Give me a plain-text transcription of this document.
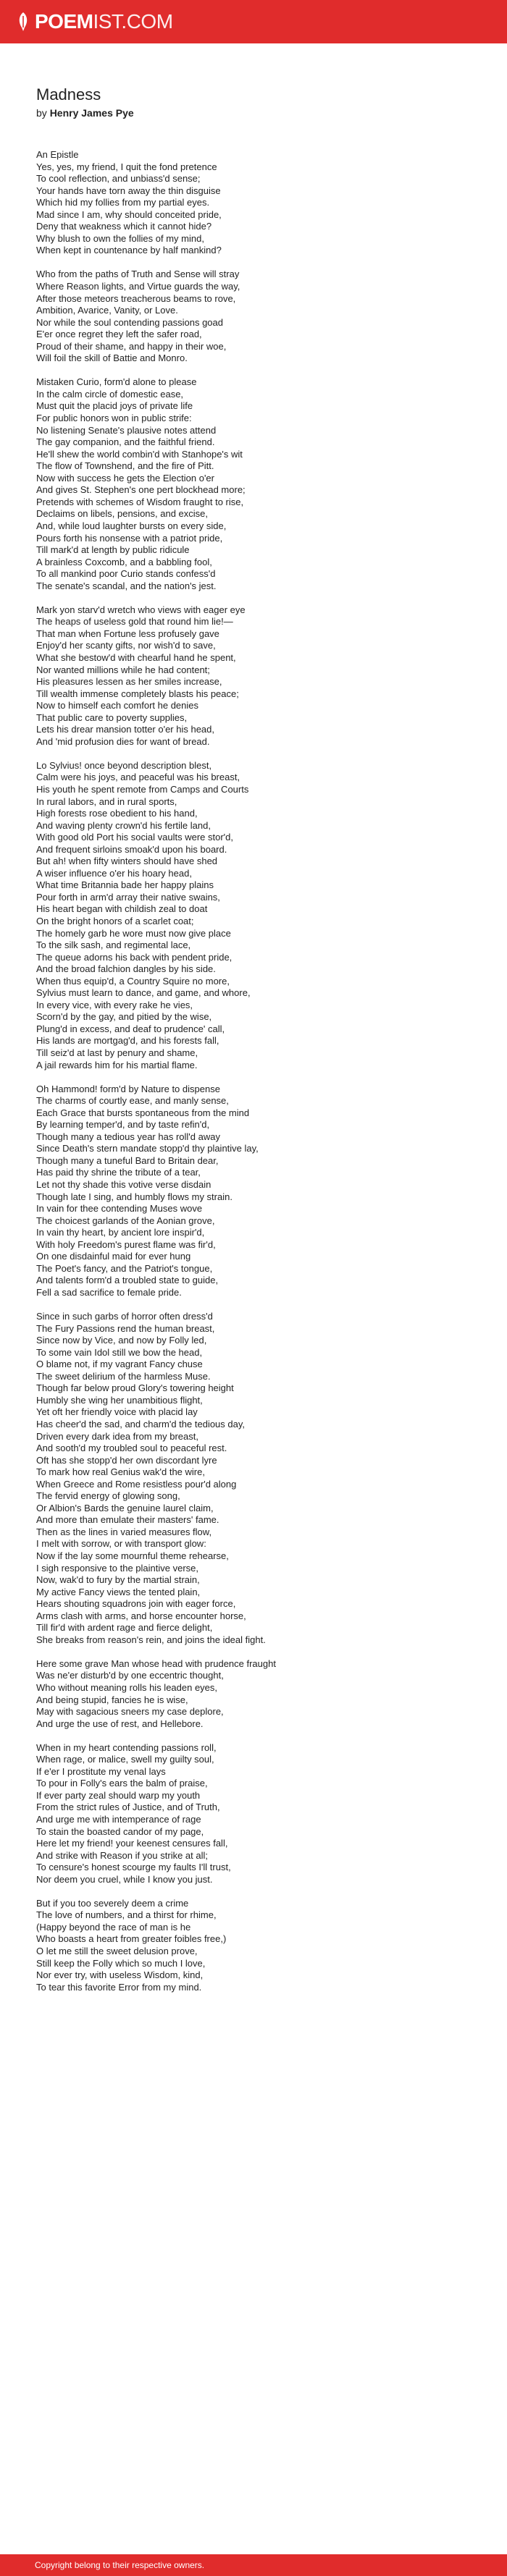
POEMIST.COM
Madness
by Henry James Pye

An Epistle
Yes, yes, my friend, I quit the fond pretence
To cool reflection, and unbiass'd sense;
Your hands have torn away the thin disguise
Which hid my follies from my partial eyes.
Mad since I am, why should conceited pride,
Deny that weakness which it cannot hide?
Why blush to own the follies of my mind,
When kept in countenance by half mankind?

Who from the paths of Truth and Sense will stray
Where Reason lights, and Virtue guards the way,
After those meteors treacherous beams to rove,
Ambition, Avarice, Vanity, or Love.
Nor while the soul contending passions goad
E'er once regret they left the safer road,
Proud of their shame, and happy in their woe,
Will foil the skill of Battie and Monro.

Mistaken Curio, form'd alone to please
In the calm circle of domestic ease,
Must quit the placid joys of private life
For public honors won in public strife:
No listening Senate's plausive notes attend
The gay companion, and the faithful friend.
He'll shew the world combin'd with Stanhope's wit
The flow of Townshend, and the fire of Pitt.
Now with success he gets the Election o'er
And gives St. Stephen's one pert blockhead more;
Pretends with schemes of Wisdom fraught to rise,
Declaims on libels, pensions, and excise,
And, while loud laughter bursts on every side,
Pours forth his nonsense with a patriot pride,
Till mark'd at length by public ridicule
A brainless Coxcomb, and a babbling fool,
To all mankind poor Curio stands confess'd
The senate's scandal, and the nation's jest.

Mark yon starv'd wretch who views with eager eye
The heaps of useless gold that round him lie!—
That man when Fortune less profusely gave
Enjoy'd her scanty gifts, nor wish'd to save,
What she bestow'd with chearful hand he spent,
Nor wanted millions while he had content;
His pleasures lessen as her smiles increase,
Till wealth immense completely blasts his peace;
Now to himself each comfort he denies
That public care to poverty supplies,
Lets his drear mansion totter o'er his head,
And 'mid profusion dies for want of bread.

Lo Sylvius! once beyond description blest,
Calm were his joys, and peaceful was his breast,
His youth he spent remote from Camps and Courts
In rural labors, and in rural sports,
High forests rose obedient to his hand,
And waving plenty crown'd his fertile land,
With good old Port his social vaults were stor'd,
And frequent sirloins smoak'd upon his board.
But ah! when fifty winters should have shed
A wiser influence o'er his hoary head,
What time Britannia bade her happy plains
Pour forth in arm'd array their native swains,
His heart began with childish zeal to doat
On the bright honors of a scarlet coat;
The homely garb he wore must now give place
To the silk sash, and regimental lace,
The queue adorns his back with pendent pride,
And the broad falchion dangles by his side.
When thus equip'd, a Country Squire no more,
Sylvius must learn to dance, and game, and whore,
In every vice, with every rake he vies,
Scorn'd by the gay, and pitied by the wise,
Plung'd in excess, and deaf to prudence' call,
His lands are mortgag'd, and his forests fall,
Till seiz'd at last by penury and shame,
A jail rewards him for his martial flame.

Oh Hammond! form'd by Nature to dispense
The charms of courtly ease, and manly sense,
Each Grace that bursts spontaneous from the mind
By learning temper'd, and by taste refin'd,
Though many a tedious year has roll'd away
Since Death's stern mandate stopp'd thy plaintive lay,
Though many a tuneful Bard to Britain dear,
Has paid thy shrine the tribute of a tear,
Let not thy shade this votive verse disdain
Though late I sing, and humbly flows my strain.
In vain for thee contending Muses wove
The choicest garlands of the Aonian grove,
In vain thy heart, by ancient lore inspir'd,
With holy Freedom's purest flame was fir'd,
On one disdainful maid for ever hung
The Poet's fancy, and the Patriot's tongue,
And talents form'd a troubled state to guide,
Fell a sad sacrifice to female pride.

Since in such garbs of horror often dress'd
The Fury Passions rend the human breast,
Since now by Vice, and now by Folly led,
To some vain Idol still we bow the head,
O blame not, if my vagrant Fancy chuse
The sweet delirium of the harmless Muse.
Though far below proud Glory's towering height
Humbly she wing her unambitious flight,
Yet oft her friendly voice with placid lay
Has cheer'd the sad, and charm'd the tedious day,
Driven every dark idea from my breast,
And sooth'd my troubled soul to peaceful rest.
Oft has she stopp'd her own discordant lyre
To mark how real Genius wak'd the wire,
When Greece and Rome resistless pour'd along
The fervid energy of glowing song,
Or Albion's Bards the genuine laurel claim,
And more than emulate their masters' fame.
Then as the lines in varied measures flow,
I melt with sorrow, or with transport glow:
Now if the lay some mournful theme rehearse,
I sigh responsive to the plaintive verse,
Now, wak'd to fury by the martial strain,
My active Fancy views the tented plain,
Hears shouting squadrons join with eager force,
Arms clash with arms, and horse encounter horse,
Till fir'd with ardent rage and fierce delight,
She breaks from reason's rein, and joins the ideal fight.

Here some grave Man whose head with prudence fraught
Was ne'er disturb'd by one eccentric thought,
Who without meaning rolls his leaden eyes,
And being stupid, fancies he is wise,
May with sagacious sneers my case deplore,
And urge the use of rest, and Hellebore.

When in my heart contending passions roll,
When rage, or malice, swell my guilty soul,
If e'er I prostitute my venal lays
To pour in Folly's ears the balm of praise,
If ever party zeal should warp my youth
From the strict rules of Justice, and of Truth,
And urge me with intemperance of rage
To stain the boasted candor of my page,
Here let my friend! your keenest censures fall,
And strike with Reason if you strike at all;
To censure's honest scourge my faults I'll trust,
Nor deem you cruel, while I know you just.

But if you too severely deem a crime
The love of numbers, and a thirst for rhime,
(Happy beyond the race of man is he
Who boasts a heart from greater foibles free,)
O let me still the sweet delusion prove,
Still keep the Folly which so much I love,
Nor ever try, with useless Wisdom, kind,
To tear this favorite Error from my mind.

Copyright belong to their respective owners.
